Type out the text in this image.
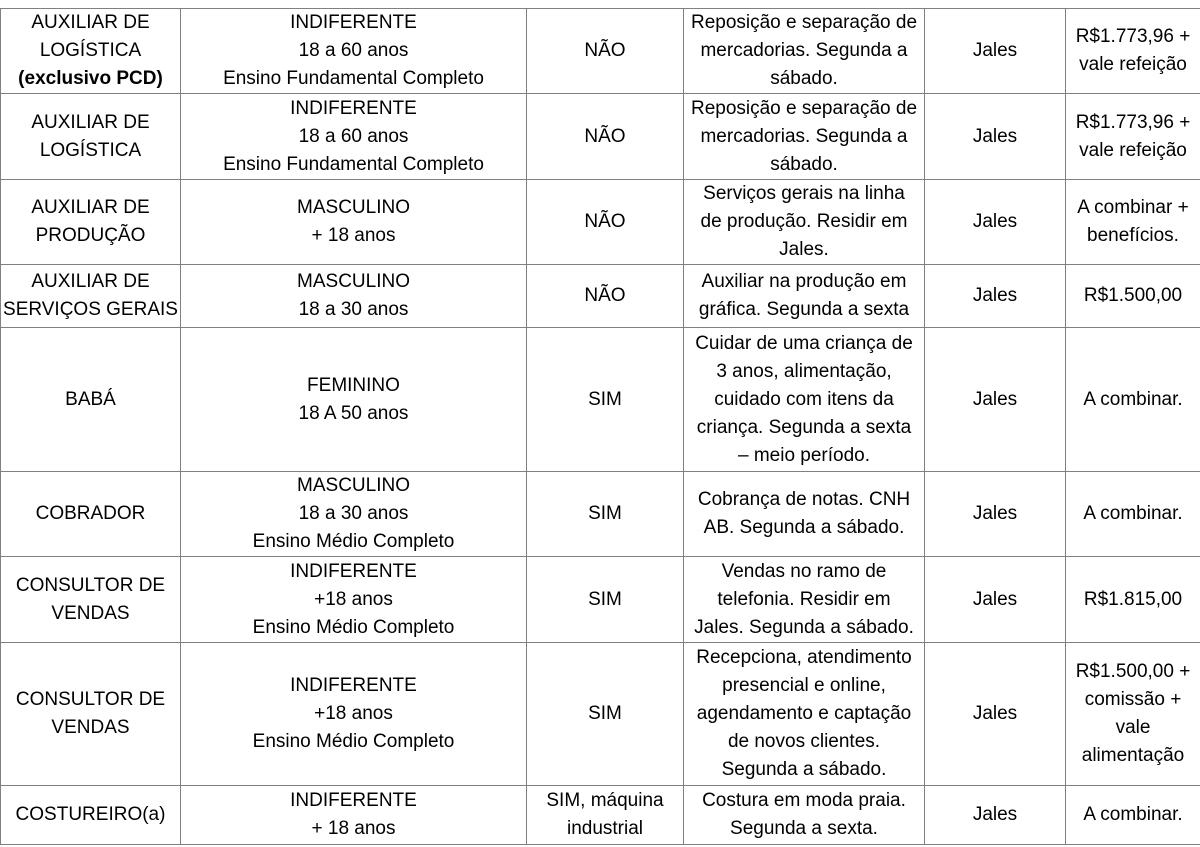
AUXILIAR DE
LOGÍSTICA
(exclusivo PCD)	INDIFERENTE
18 a 60 anos
Ensino Fundamental Completo	NÃO	Reposição e separação de
mercadorias. Segunda a
sábado.	Jales	R$1.773,96 +
vale refeição

AUXILIAR DE
LOGÍSTICA	INDIFERENTE
18 a 60 anos
Ensino Fundamental Completo	NÃO	Reposição e separação de
mercadorias. Segunda a
sábado.	Jales	R$1.773,96 +
vale refeição

AUXILIAR DE
PRODUÇÃO	MASCULINO
+ 18 anos	NÃO	Serviços gerais na linha
de produção. Residir em
Jales.	Jales	A combinar +
benefícios.

AUXILIAR DE
SERVIÇOS GERAIS	MASCULINO
18 a 30 anos	NÃO	Auxiliar na produção em
gráfica. Segunda a sexta	Jales	R$1.500,00

BABÁ	FEMININO
18 A 50 anos	SIM	Cuidar de uma criança de
3 anos, alimentação,
cuidado com itens da
criança. Segunda a sexta
– meio período.	Jales	A combinar.

COBRADOR	MASCULINO
18 a 30 anos
Ensino Médio Completo	SIM	Cobrança de notas. CNH
AB. Segunda a sábado.	Jales	A combinar.

CONSULTOR DE
VENDAS	INDIFERENTE
+18 anos
Ensino Médio Completo	SIM	Vendas no ramo de
telefonia. Residir em
Jales. Segunda a sábado.	Jales	R$1.815,00

CONSULTOR DE
VENDAS	INDIFERENTE
+18 anos
Ensino Médio Completo	SIM	Recepciona, atendimento
presencial e online,
agendamento e captação
de novos clientes.
Segunda a sábado.	Jales	R$1.500,00 +
comissão +
vale
alimentação

COSTUREIRO(a)	INDIFERENTE
+ 18 anos	SIM, máquina
industrial	Costura em moda praia.
Segunda a sexta.	Jales	A combinar.
